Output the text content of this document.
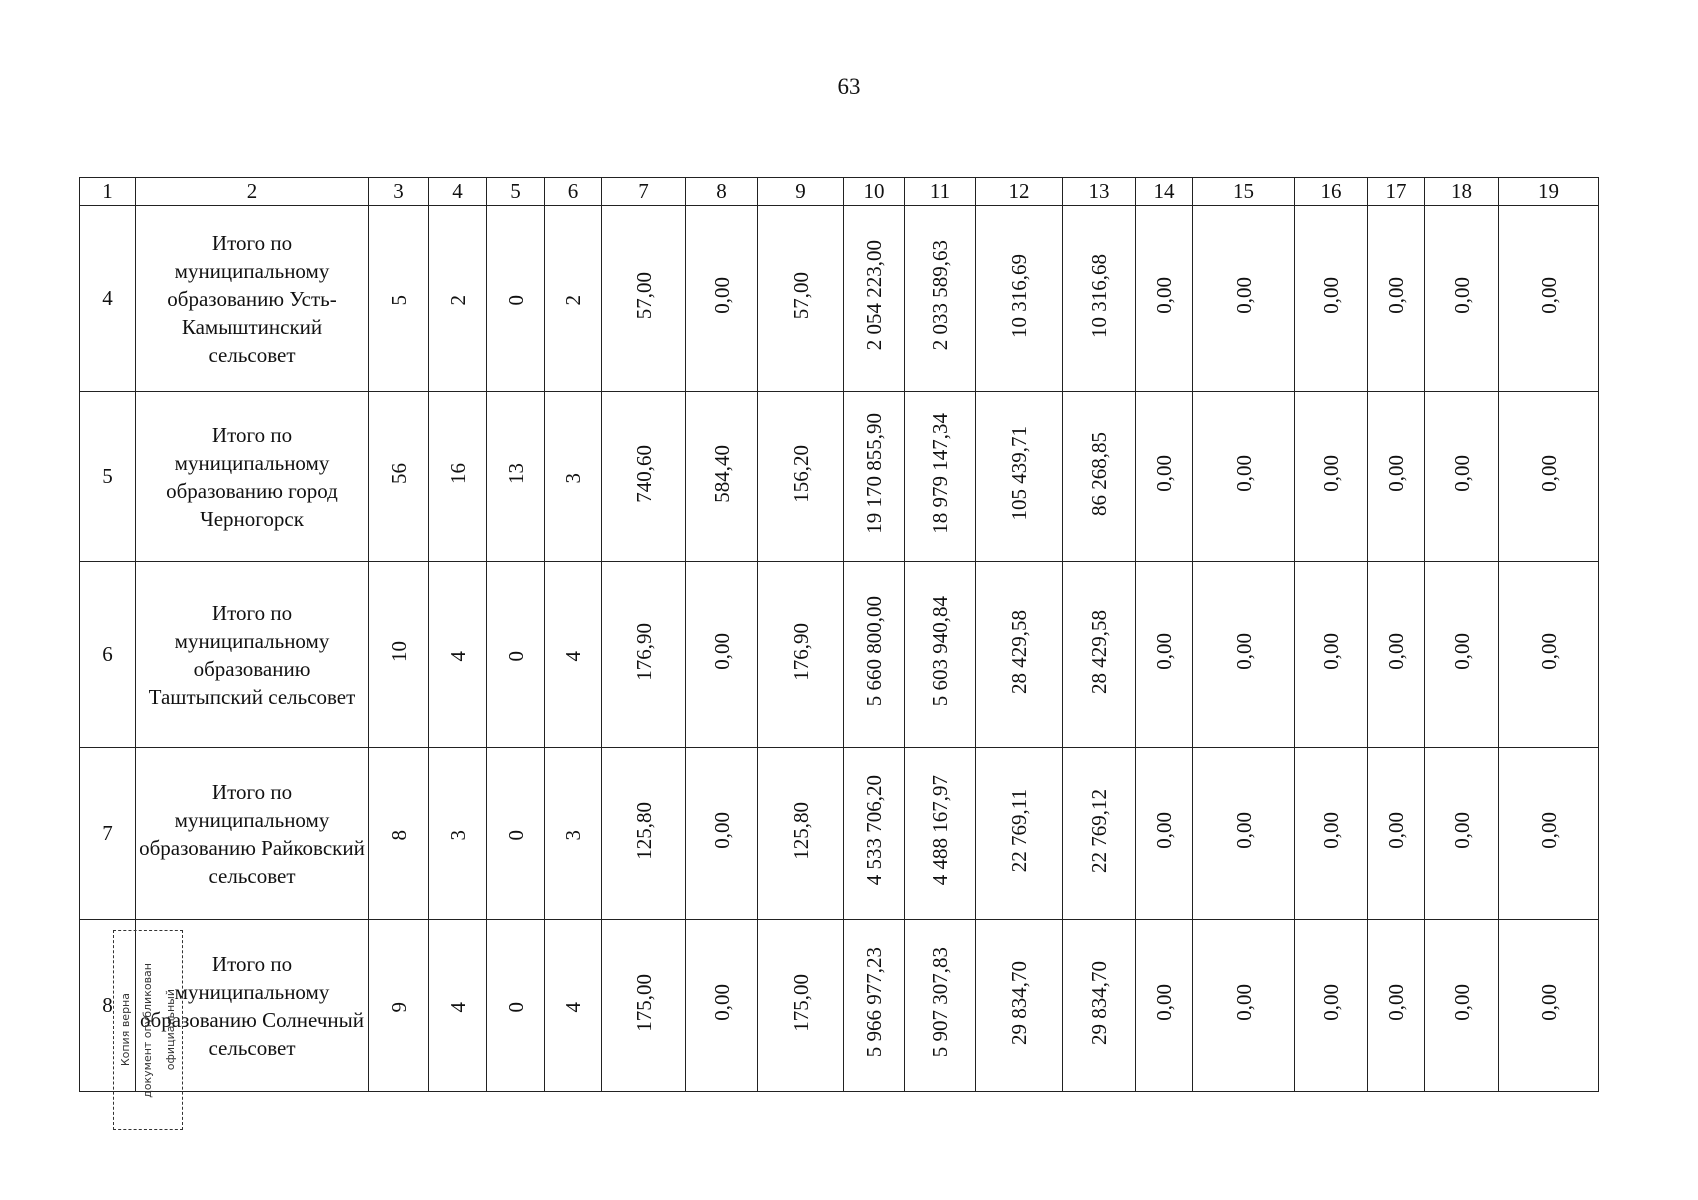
63
1	2	3	4	5	6	7	8	9	10	11	12	13	14	15	16	17	18	19
4	Итого по муниципальному образованию Усть-Камыштинский сельсовет	5	2	0	2	57,00	0,00	57,00	2 054 223,00	2 033 589,63	10 316,69	10 316,68	0,00	0,00	0,00	0,00	0,00	0,00
5	Итого по муниципальному образованию город Черногорск	56	16	13	3	740,60	584,40	156,20	19 170 855,90	18 979 147,34	105 439,71	86 268,85	0,00	0,00	0,00	0,00	0,00	0,00
6	Итого по муниципальному образованию Таштыпский сельсовет	10	4	0	4	176,90	0,00	176,90	5 660 800,00	5 603 940,84	28 429,58	28 429,58	0,00	0,00	0,00	0,00	0,00	0,00
7	Итого по муниципальному образованию Райковский сельсовет	8	3	0	3	125,80	0,00	125,80	4 533 706,20	4 488 167,97	22 769,11	22 769,12	0,00	0,00	0,00	0,00	0,00	0,00
8	Итого по муниципальному образованию Солнечный сельсовет	9	4	0	4	175,00	0,00	175,00	5 966 977,23	5 907 307,83	29 834,70	29 834,70	0,00	0,00	0,00	0,00	0,00	0,00
Копия верна документ опубликован официальный
